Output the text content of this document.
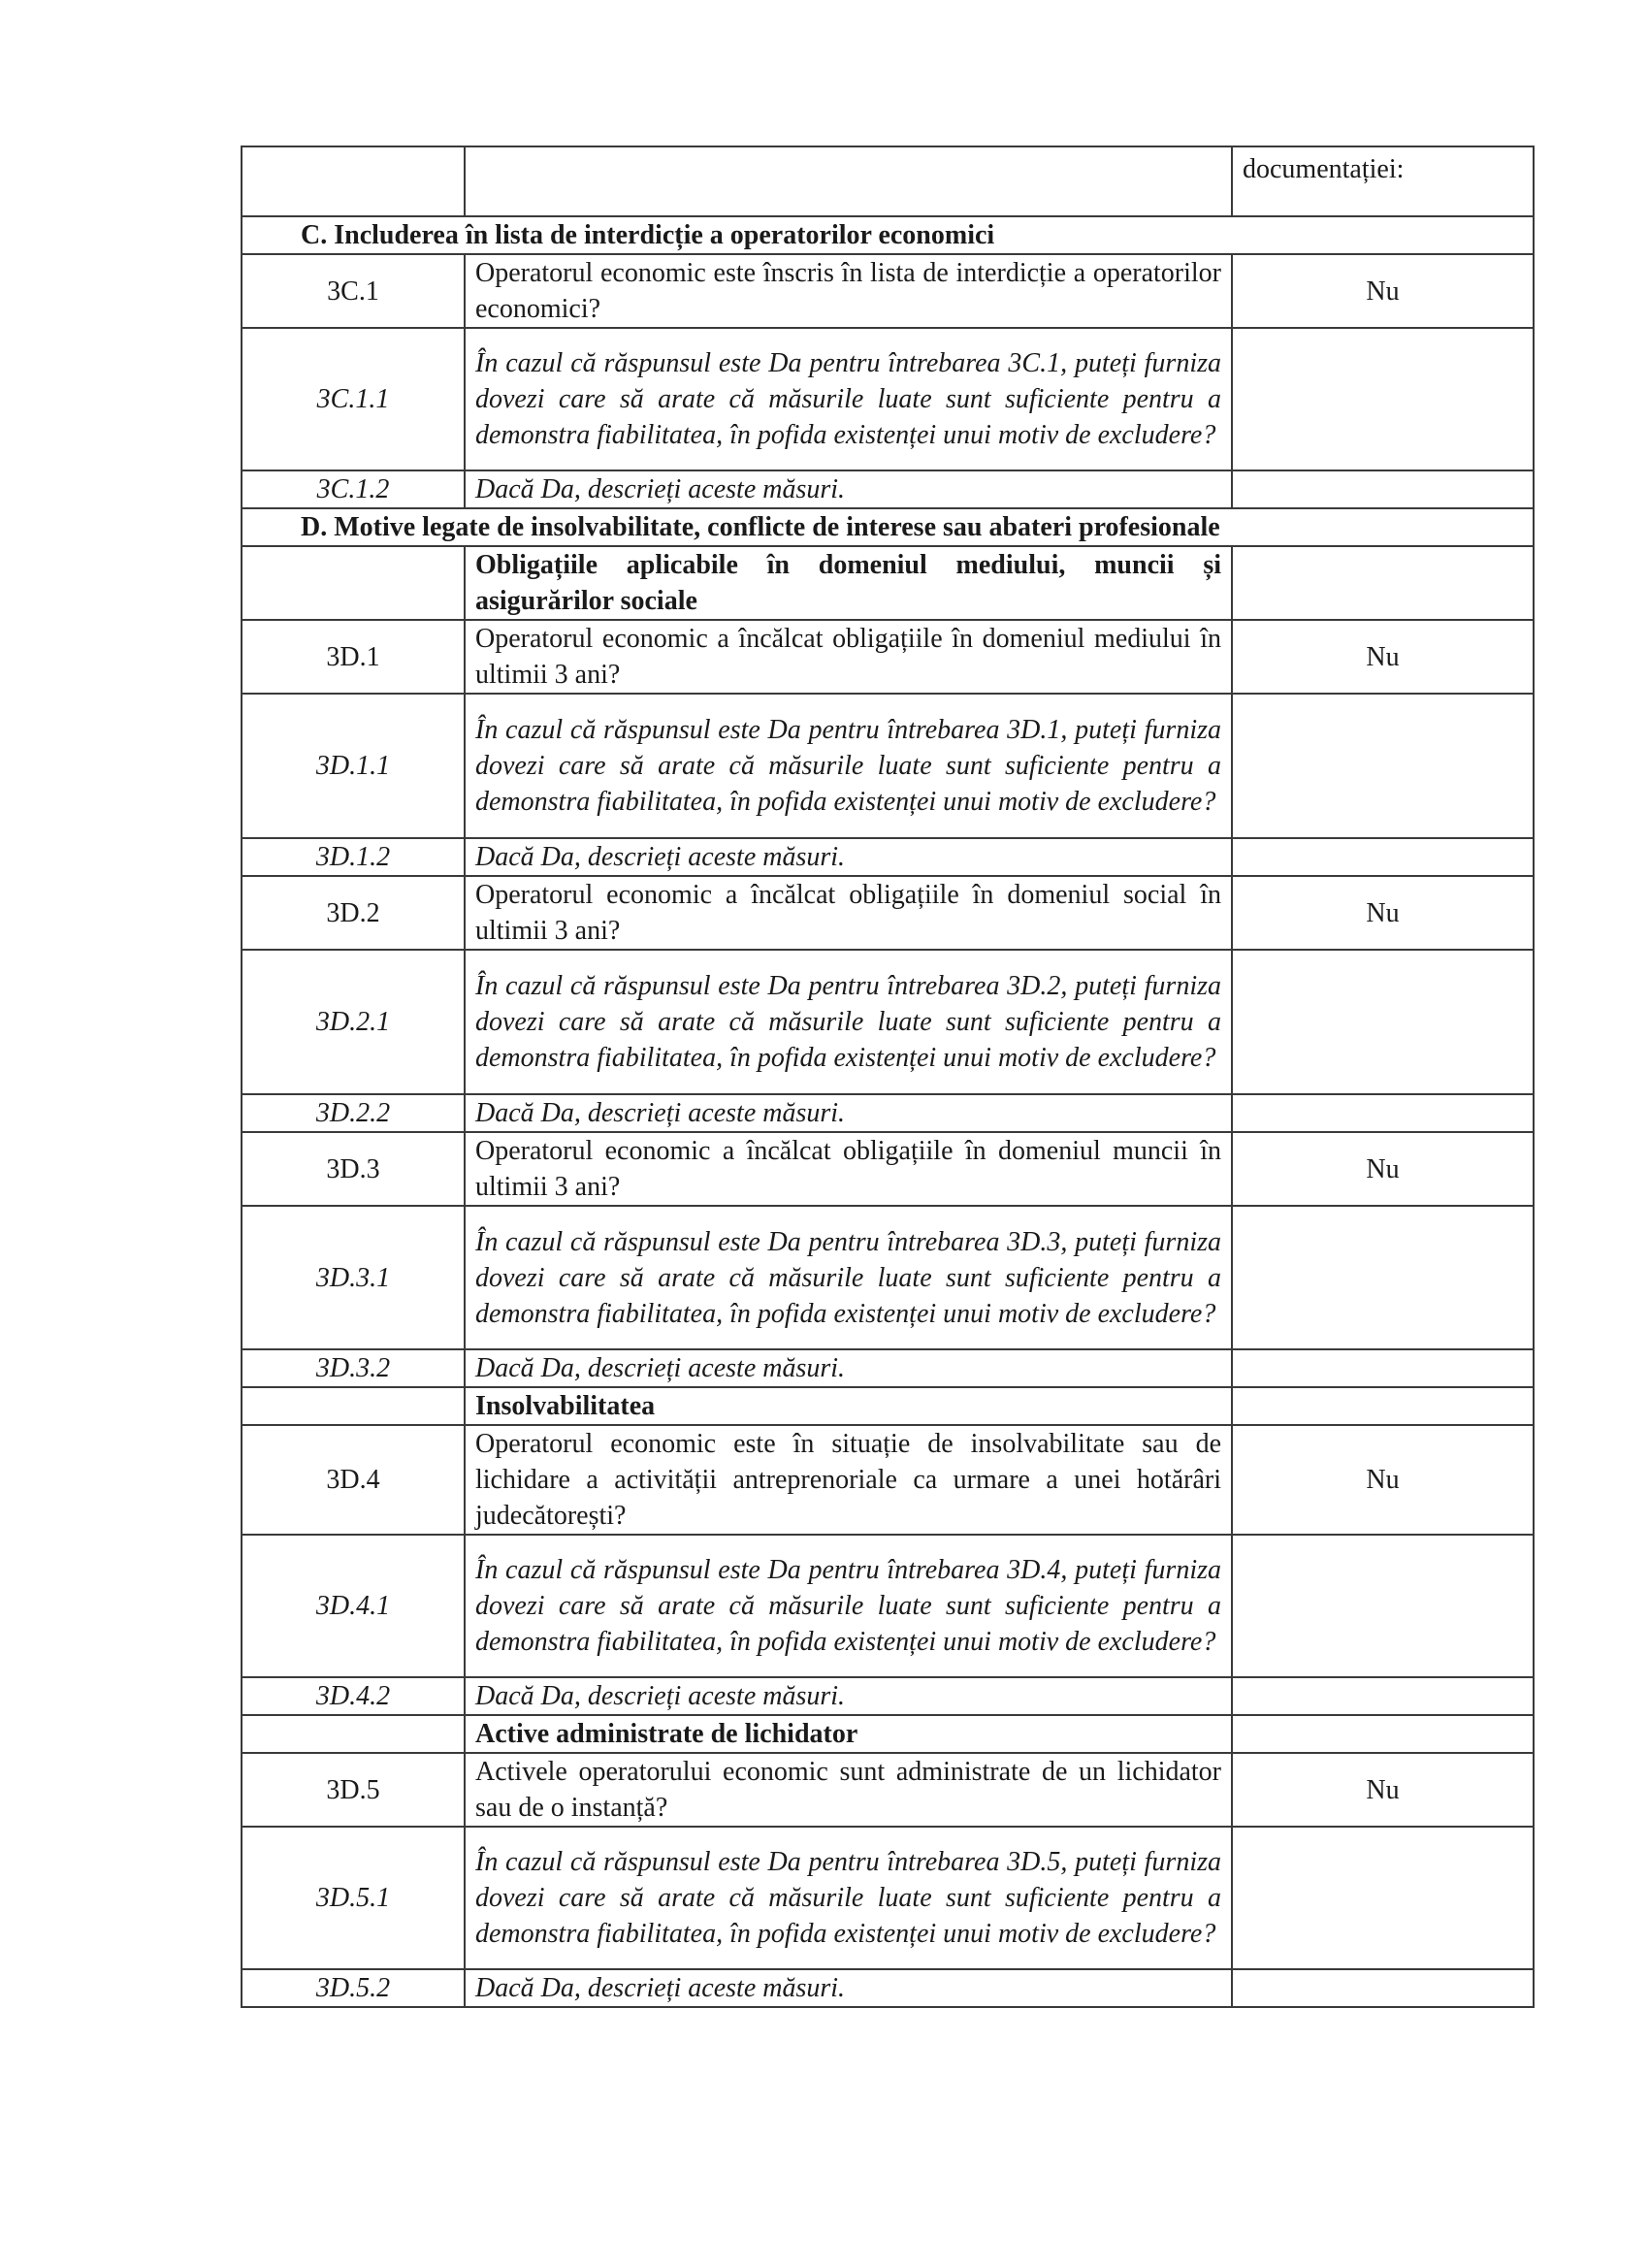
		documentației:
C. Includerea în lista de interdicție a operatorilor economici		
3C.1	Operatorul economic este înscris în lista de interdicție a operatorilor economici?	Nu
3C.1.1	În cazul că răspunsul este Da pentru întrebarea 3C.1, puteți furniza dovezi care să arate că măsurile luate sunt suficiente pentru a demonstra fiabilitatea, în pofida existenței unui motiv de excludere?	
3C.1.2	Dacă Da, descrieți aceste măsuri.	
D. Motive legate de insolvabilitate, conflicte de interese sau abateri profesionale		
	Obligațiile aplicabile în domeniul mediului, muncii și asigurărilor sociale	
3D.1	Operatorul economic a încălcat obligațiile în domeniul mediului în ultimii 3 ani?	Nu
3D.1.1	În cazul că răspunsul este Da pentru întrebarea 3D.1, puteți furniza dovezi care să arate că măsurile luate sunt suficiente pentru a demonstra fiabilitatea, în pofida existenței unui motiv de excludere?	
3D.1.2	Dacă Da, descrieți aceste măsuri.	
3D.2	Operatorul economic a încălcat obligațiile în domeniul social în ultimii 3 ani?	Nu
3D.2.1	În cazul că răspunsul este Da pentru întrebarea 3D.2, puteți furniza dovezi care să arate că măsurile luate sunt suficiente pentru a demonstra fiabilitatea, în pofida existenței unui motiv de excludere?	
3D.2.2	Dacă Da, descrieți aceste măsuri.	
3D.3	Operatorul economic a încălcat obligațiile în domeniul muncii în ultimii 3 ani?	Nu
3D.3.1	În cazul că răspunsul este Da pentru întrebarea 3D.3, puteți furniza dovezi care să arate că măsurile luate sunt suficiente pentru a demonstra fiabilitatea, în pofida existenței unui motiv de excludere?	
3D.3.2	Dacă Da, descrieți aceste măsuri.	
	Insolvabilitatea	
3D.4	Operatorul economic este în situație de insolvabilitate sau de lichidare a activității antreprenoriale ca urmare a unei hotărâri judecătorești?	Nu
3D.4.1	În cazul că răspunsul este Da pentru întrebarea 3D.4, puteți furniza dovezi care să arate că măsurile luate sunt suficiente pentru a demonstra fiabilitatea, în pofida existenței unui motiv de excludere?	
3D.4.2	Dacă Da, descrieți aceste măsuri.	
	Active administrate de lichidator	
3D.5	Activele operatorului economic sunt administrate de un lichidator sau de o instanță?	Nu
3D.5.1	În cazul că răspunsul este Da pentru întrebarea 3D.5, puteți furniza dovezi care să arate că măsurile luate sunt suficiente pentru a demonstra fiabilitatea, în pofida existenței unui motiv de excludere?	
3D.5.2	Dacă Da, descrieți aceste măsuri.	
